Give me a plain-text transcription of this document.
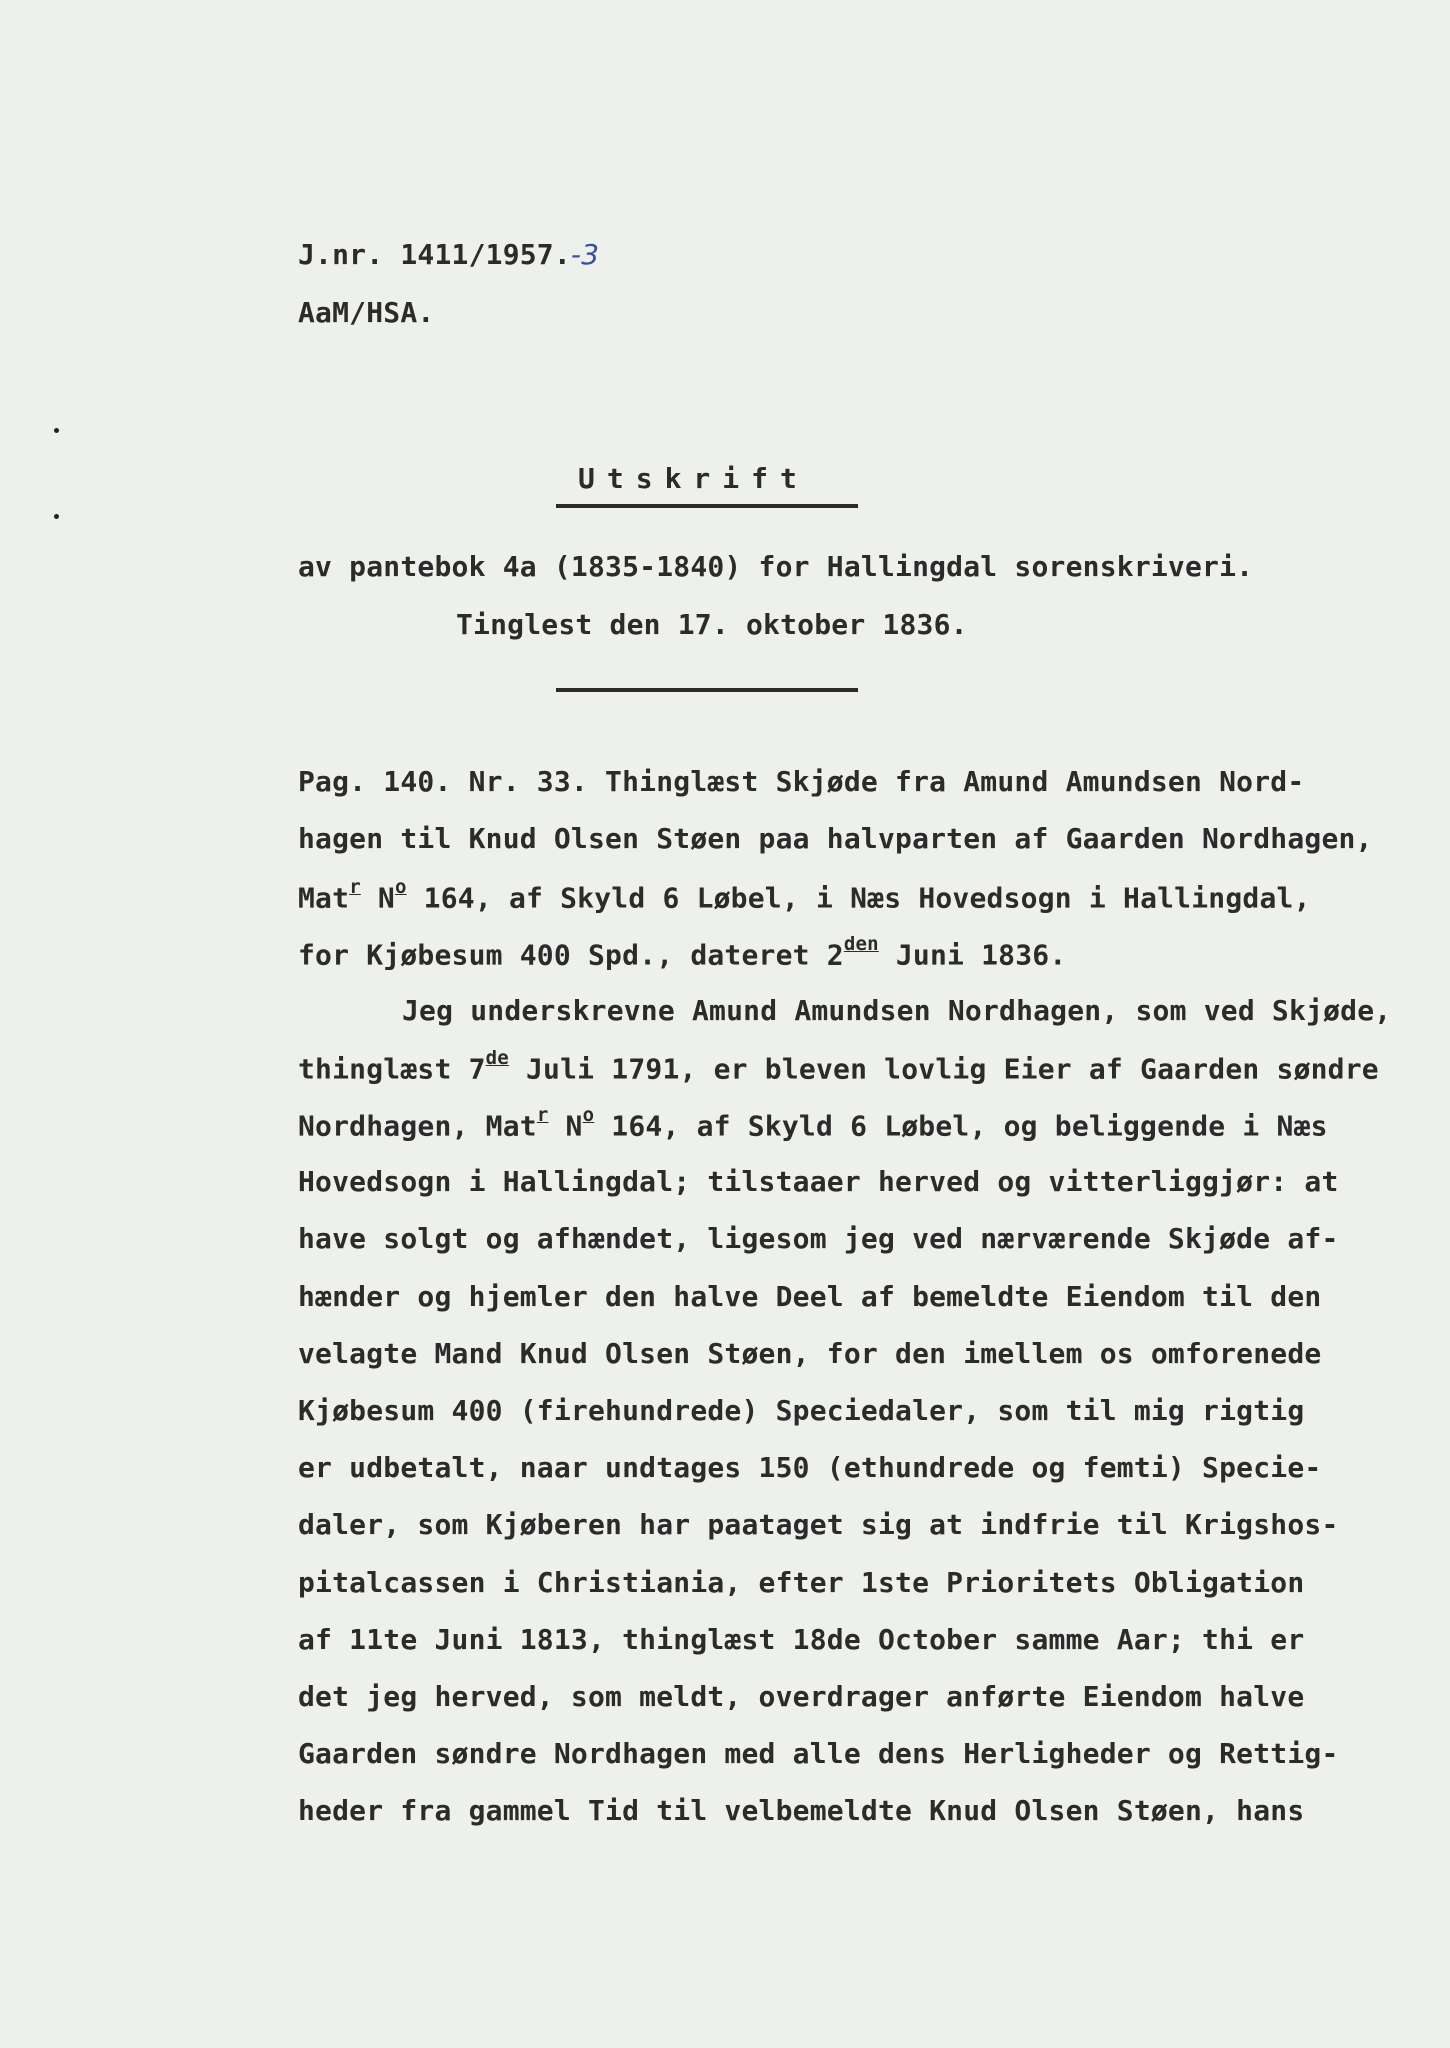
J.nr. 1411/1957.-3
AaM/HSA.
Utskrift
av pantebok 4a (1835-1840) for Hallingdal sorenskriveri.
Tinglest den 17. oktober 1836.
Pag. 140. Nr. 33. Thinglæst Skjøde fra Amund Amundsen Nord-
hagen til Knud Olsen Støen paa halvparten af Gaarden Nordhagen,
Mat$^r$ $N^o$ 164, af Skyld 6 Løbel, i Næs Hovedsogn i Hallingdal,
for Kjøbesum 400 Spd., dateret $2^{den}$ Juni 1836.
Jeg underskrevne Amund Amundsen Nordhagen, som ved Skjøde,
thinglæst 7de Juli 1791, er bleven lovlig Eier af Gaarden søndre
Nordhagen, Mat$^r$ $N^o$ 164, af Skyld 6 Løbel, og beliggende i Næs
Hovedsogn i Hallingdal; tilstaaer herved og vitterliggjør: at
have solgt og afhændet, ligesom jeg ved nærværende Skjøde af-
hænder og hjemler den halve Deel af bemeldte Eiendom til den
velagte Mand Knud Olsen Støen, for den imellem os omforenede
Kjøbesum 400 (firehundrede) Speciedaler, som til mig rigtig
er udbetalt, naar undtages 150 (ethundrede og femti) Specie-
daler, som Kjøberen har paataget sig at indfrie til Krigshos-
pitalcassen i Christiania, efter 1ste Prioritets Obligation
af 11te Juni 1813, thinglæst 18de October samme Aar; thi er
det jeg herved, som meldt, overdrager anførte Eiendom halve
Gaarden søndre Nordhagen med alle dens Herligheder og Rettig-
heder fra gammel Tid til velbemeldte Knud Olsen Støen, hans
